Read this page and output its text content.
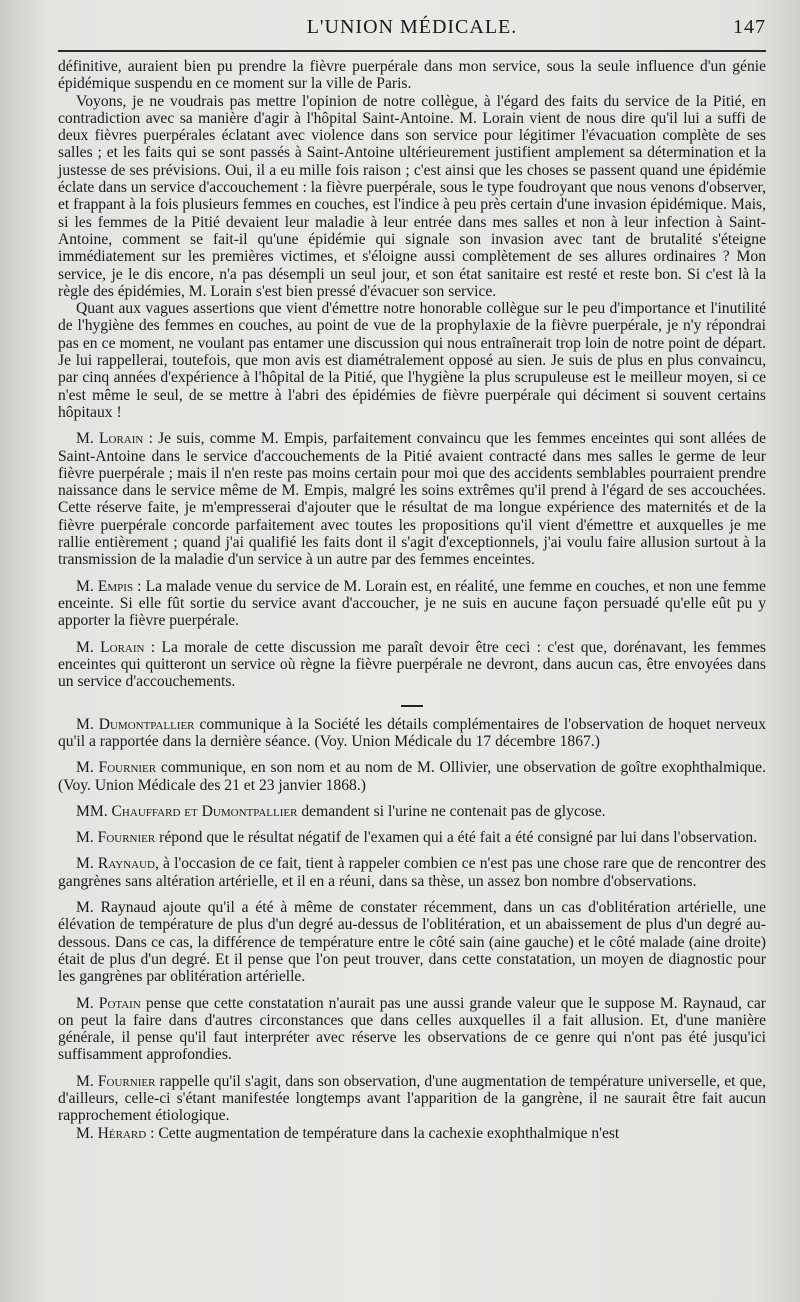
L'UNION MÉDICALE.	147

définitive, auraient bien pu prendre la fièvre puerpérale dans mon service, sous la seule influence d'un génie épidémique suspendu en ce moment sur la ville de Paris.

Voyons, je ne voudrais pas mettre l'opinion de notre collègue, à l'égard des faits du service de la Pitié, en contradiction avec sa manière d'agir à l'hôpital Saint-Antoine. M. Lorain vient de nous dire qu'il lui a suffi de deux fièvres puerpérales éclatant avec violence dans son service pour légitimer l'évacuation complète de ses salles ; et les faits qui se sont passés à Saint-Antoine ultérieurement justifient amplement sa détermination et la justesse de ses prévisions. Oui, il a eu mille fois raison ; c'est ainsi que les choses se passent quand une épidémie éclate dans un service d'accouchement : la fièvre puerpérale, sous le type foudroyant que nous venons d'observer, et frappant à la fois plusieurs femmes en couches, est l'indice à peu près certain d'une invasion épidémique. Mais, si les femmes de la Pitié devaient leur maladie à leur entrée dans mes salles et non à leur infection à Saint-Antoine, comment se fait-il qu'une épidémie qui signale son invasion avec tant de brutalité s'éteigne immédiatement sur les premières victimes, et s'éloigne aussi complètement de ses allures ordinaires ? Mon service, je le dis encore, n'a pas désempli un seul jour, et son état sanitaire est resté et reste bon. Si c'est là la règle des épidémies, M. Lorain s'est bien pressé d'évacuer son service.

Quant aux vagues assertions que vient d'émettre notre honorable collègue sur le peu d'importance et l'inutilité de l'hygiène des femmes en couches, au point de vue de la prophylaxie de la fièvre puerpérale, je n'y répondrai pas en ce moment, ne voulant pas entamer une discussion qui nous entraînerait trop loin de notre point de départ. Je lui rappellerai, toutefois, que mon avis est diamétralement opposé au sien. Je suis de plus en plus convaincu, par cinq années d'expérience à l'hôpital de la Pitié, que l'hygiène la plus scrupuleuse est le meilleur moyen, si ce n'est même le seul, de se mettre à l'abri des épidémies de fièvre puerpérale qui déciment si souvent certains hôpitaux !

M. Lorain : Je suis, comme M. Empis, parfaitement convaincu que les femmes enceintes qui sont allées de Saint-Antoine dans le service d'accouchements de la Pitié avaient contracté dans mes salles le germe de leur fièvre puerpérale ; mais il n'en reste pas moins certain pour moi que des accidents semblables pourraient prendre naissance dans le service même de M. Empis, malgré les soins extrêmes qu'il prend à l'égard de ses accouchées. Cette réserve faite, je m'empresserai d'ajouter que le résultat de ma longue expérience des maternités et de la fièvre puerpérale concorde parfaitement avec toutes les propositions qu'il vient d'émettre et auxquelles je me rallie entièrement ; quand j'ai qualifié les faits dont il s'agit d'exceptionnels, j'ai voulu faire allusion surtout à la transmission de la maladie d'un service à un autre par des femmes enceintes.

M. Empis : La malade venue du service de M. Lorain est, en réalité, une femme en couches, et non une femme enceinte. Si elle fût sortie du service avant d'accoucher, je ne suis en aucune façon persuadé qu'elle eût pu y apporter la fièvre puerpérale.

M. Lorain : La morale de cette discussion me paraît devoir être ceci : c'est que, dorénavant, les femmes enceintes qui quitteront un service où règne la fièvre puerpérale ne devront, dans aucun cas, être envoyées dans un service d'accouchements.

M. Dumontpallier communique à la Société les détails complémentaires de l'observation de hoquet nerveux qu'il a rapportée dans la dernière séance. (Voy. Union Médicale du 17 décembre 1867.)

M. Fournier communique, en son nom et au nom de M. Ollivier, une observation de goître exophthalmique. (Voy. Union Médicale des 21 et 23 janvier 1868.)

MM. Chauffard et Dumontpallier demandent si l'urine ne contenait pas de glycose.

M. Fournier répond que le résultat négatif de l'examen qui a été fait a été consigné par lui dans l'observation.

M. Raynaud, à l'occasion de ce fait, tient à rappeler combien ce n'est pas une chose rare que de rencontrer des gangrènes sans altération artérielle, et il en a réuni, dans sa thèse, un assez bon nombre d'observations.

M. Raynaud ajoute qu'il a été à même de constater récemment, dans un cas d'oblitération artérielle, une élévation de température de plus d'un degré au-dessus de l'oblitération, et un abaissement de plus d'un degré au-dessous. Dans ce cas, la différence de température entre le côté sain (aine gauche) et le côté malade (aine droite) était de plus d'un degré. Et il pense que l'on peut trouver, dans cette constatation, un moyen de diagnostic pour les gangrènes par oblitération artérielle.

M. Potain pense que cette constatation n'aurait pas une aussi grande valeur que le suppose M. Raynaud, car on peut la faire dans d'autres circonstances que dans celles auxquelles il a fait allusion. Et, d'une manière générale, il pense qu'il faut interpréter avec réserve les observations de ce genre qui n'ont pas été jusqu'ici suffisamment approfondies.

M. Fournier rappelle qu'il s'agit, dans son observation, d'une augmentation de température universelle, et que, d'ailleurs, celle-ci s'étant manifestée longtemps avant l'apparition de la gangrène, il ne saurait être fait aucun rapprochement étiologique.

M. Hérard : Cette augmentation de température dans la cachexie exophthalmique n'est
